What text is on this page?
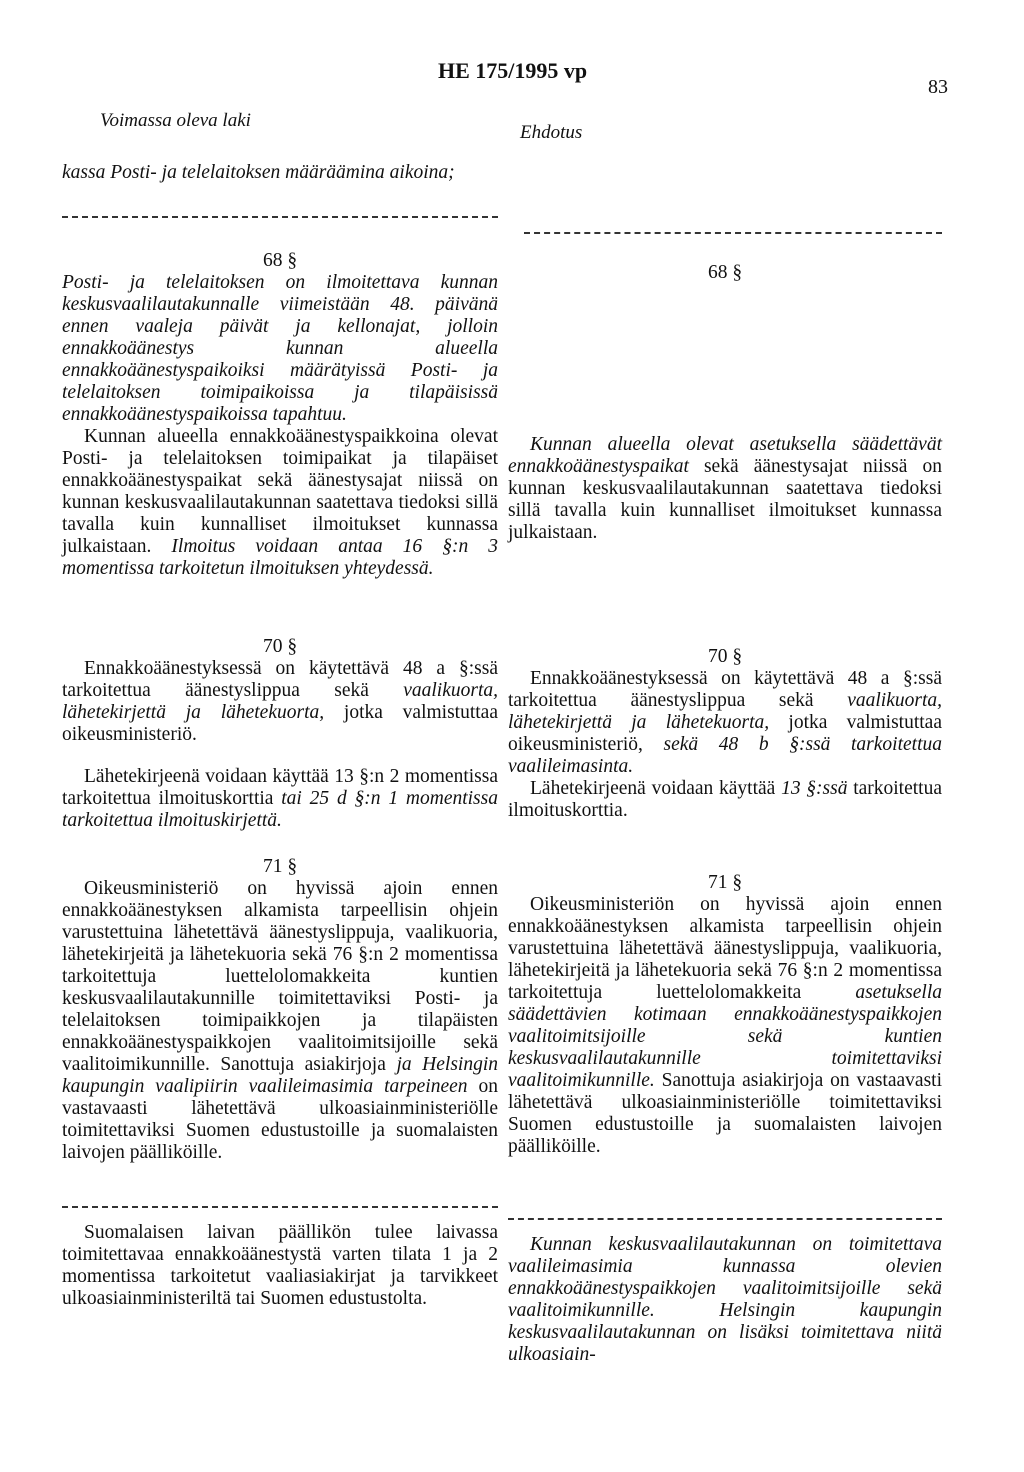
HE 175/1995 vp
83
Voimassa oleva laki
Ehdotus
kassa Posti- ja telelaitoksen määräämina aikoina;

68 §

Posti- ja telelaitoksen on ilmoitettava kunnan keskusvaalilautakunnalle viimeistään 48. päivänä ennen vaaleja päivät ja kellonajat, jolloin ennakkoäänestys kunnan alueella ennakkoäänestyspaikoiksi määrätyissä Posti- ja telelaitoksen toimipaikoissa ja tilapäisissä ennakkoäänestyspaikoissa tapahtuu.

Kunnan alueella ennakkoäänestyspaikkoina olevat Posti- ja telelaitoksen toimipaikat ja tilapäiset ennakkoäänestyspaikat sekä äänestysajat niissä on kunnan keskusvaalilautakunnan saatettava tiedoksi sillä tavalla kuin kunnalliset ilmoitukset kunnassa julkaistaan. Ilmoitus voidaan antaa 16 §:n 3 momentissa tarkoitetun ilmoituksen yhteydessä.

70 §

Ennakkoäänestyksessä on käytettävä 48 a §:ssä tarkoitettua äänestyslippua sekä vaalikuorta, lähetekirjettä ja lähetekuorta, jotka valmistuttaa oikeusministeriö.

Lähetekirjeenä voidaan käyttää 13 §:n 2 momentissa tarkoitettua ilmoituskorttia tai 25 d §:n 1 momentissa tarkoitettua ilmoituskirjettä.

71 §

Oikeusministeriö on hyvissä ajoin ennen ennakkoäänestyksen alkamista tarpeellisin ohjein varustettuina lähetettävä äänestyslippuja, vaalikuoria, lähetekirjeitä ja lähetekuoria sekä 76 §:n 2 momentissa tarkoitettuja luettelolomakkeita kuntien keskusvaalilautakunnille toimitettaviksi Posti- ja telelaitoksen toimipaikkojen ja tilapäisten ennakkoäänestyspaikkojen vaalitoimitsijoille sekä vaalitoimikunnille. Sanottuja asiakirjoja ja Helsingin kaupungin vaalipiirin vaalileimasimia tarpeineen on vastavaasti lähetettävä ulkoasiainministeriölle toimitettaviksi Suomen edustustoille ja suomalaisten laivojen päälliköille.

Suomalaisen laivan päällikön tulee laivassa toimitettavaa ennakkoäänestystä varten tilata 1 ja 2 momentissa tarkoitetut vaaliasiakirjat ja tarvikkeet ulkoasiainministeriltä tai Suomen edustustolta.

68 §

Kunnan alueella olevat asetuksella säädettävät ennakkoäänestyspaikat sekä äänestysajat niissä on kunnan keskusvaalilautakunnan saatettava tiedoksi sillä tavalla kuin kunnalliset ilmoitukset kunnassa julkaistaan.

70 §

Ennakkoäänestyksessä on käytettävä 48 a §:ssä tarkoitettua äänestyslippua sekä vaalikuorta, lähetekirjettä ja lähetekuorta, jotka valmistuttaa oikeusministeriö, sekä 48 b §:ssä tarkoitettua vaalileimasinta.

Lähetekirjeenä voidaan käyttää 13 §:ssä tarkoitettua ilmoituskorttia.

71 §

Oikeusministeriön on hyvissä ajoin ennen ennakkoäänestyksen alkamista tarpeellisin ohjein varustettuina lähetettävä äänestyslippuja, vaalikuoria, lähetekirjeitä ja lähetekuoria sekä 76 §:n 2 momentissa tarkoitettuja luettelolomakkeita	asetuksella säädettävien kotimaan ennakkoäänestyspaikkojen vaalitoimitsijoille sekä kuntien keskusvaalilautakunnille toimitettaviksi vaalitoimikunnille. Sanottuja asiakirjoja on vastaavasti lähetettävä ulkoasiainministeriölle toimitettaviksi Suomen edustustoille ja suomalaisten laivojen päälliköille.

Kunnan keskusvaalilautakunnan on toimitettava vaalileimasimia kunnassa olevien ennakkoäänestyspaikkojen vaalitoimitsijoille sekä vaalitoimikunnille. Helsingin kaupungin keskusvaalilautakunnan on lisäksi toimitettava niitä ulkoasiain-
